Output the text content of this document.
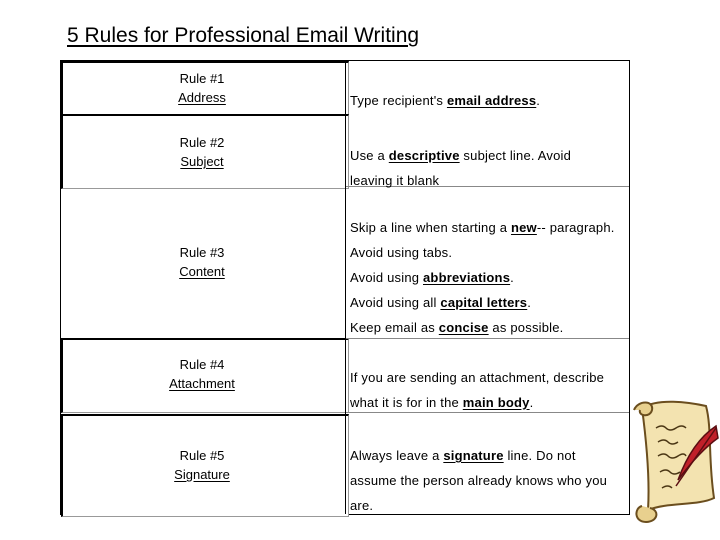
5 Rules for Professional Email Writing
Rule #1
Address
Rule #2
Subject
Rule #3
Content
Rule #4
Attachment
Rule #5
Signature
Type recipient's email address.
Use a descriptive subject line. Avoid
leaving it blank
Skip a line when starting a new-- paragraph.
Avoid using tabs.
Avoid using abbreviations.
Avoid using all capital letters.
Keep email as concise as possible.
If you are sending an attachment, describe
what it is for in the main body.
Always leave a signature line. Do not
assume the person already knows who you
are.
